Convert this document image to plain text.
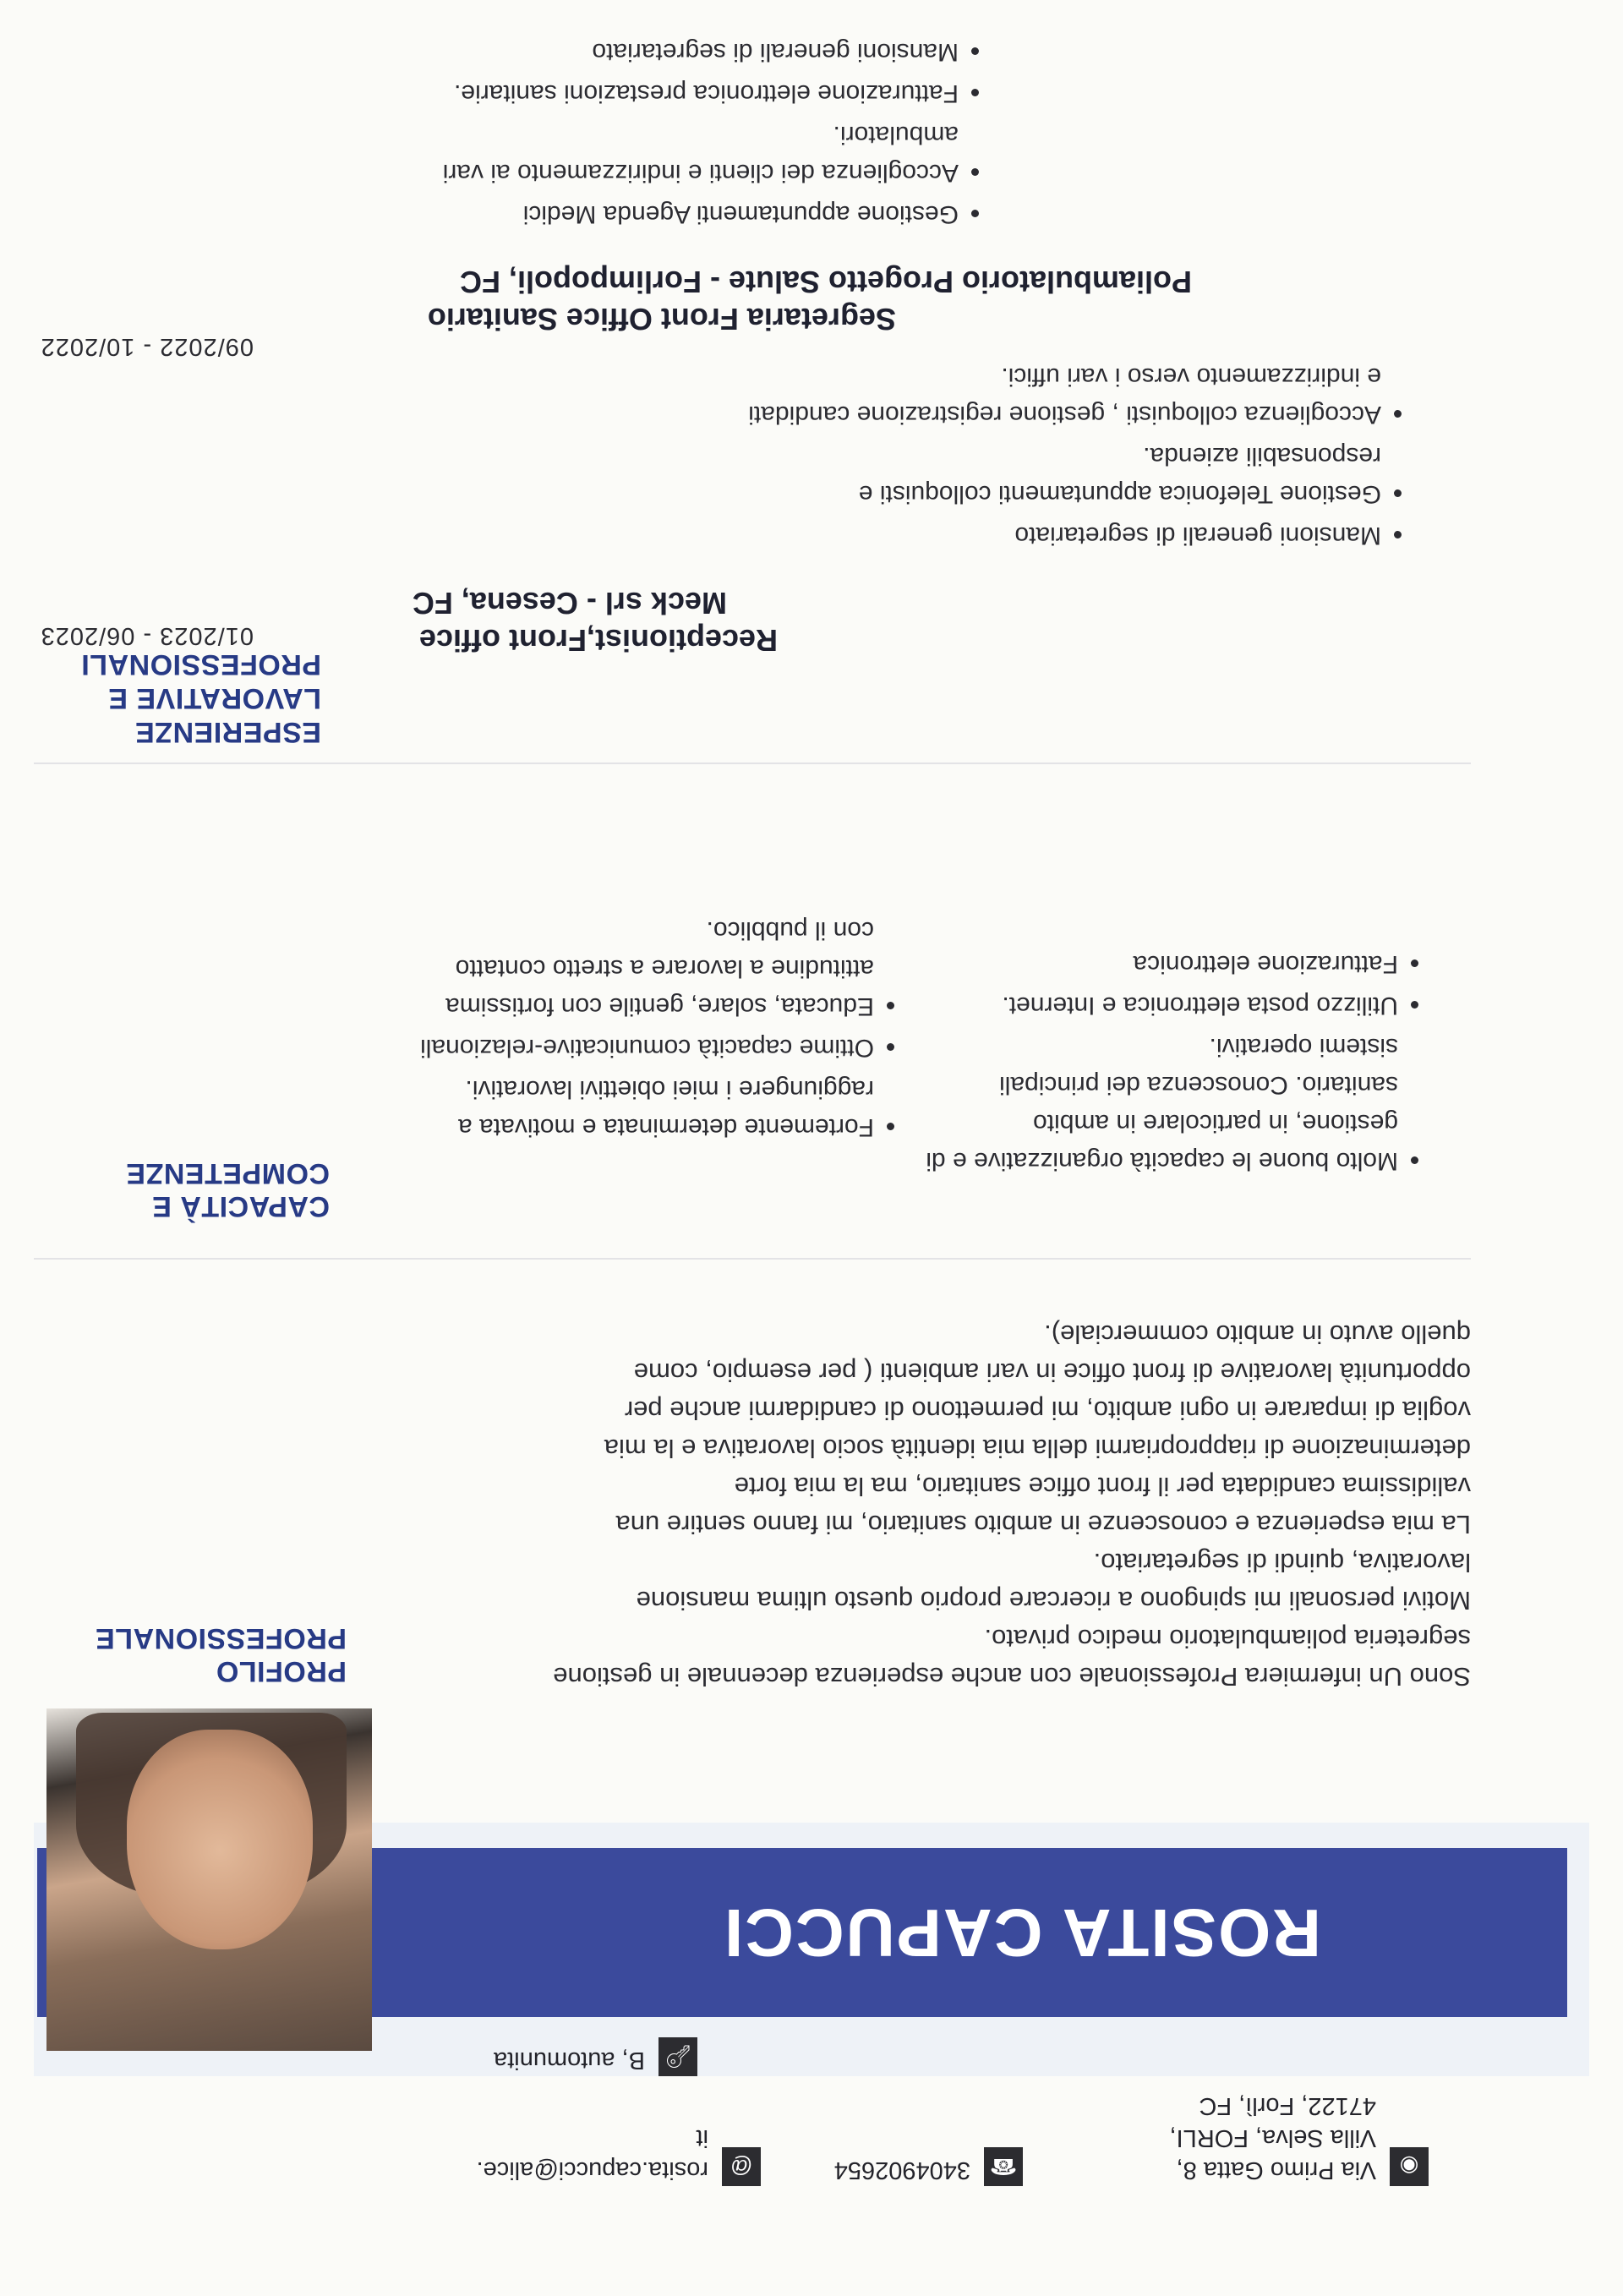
ESPERIENZE LAVORATIVE E
PROFESSIONALI
01/2023 - 06/2023	Receptionist,Front office
Meck srl - Cesena, FC
• Mansioni generali di segretariato
• Gestione Telefonica appuntamenti colloquisti e responsabili azienda.
• Accoglienza colloquisti , gestione registrazione candidati e indirizzamento verso i vari uffici.
09/2022 - 10/2022
Segretaria Front Office Sanitario
Poliambulatorio Progetto Salute - Forlimpopoli, FC
• Gestione appuntamenti Agenda Medici
• Accoglienza dei clienti e indirizzamento ai vari ambulatori.
• Fatturazione elettronica prestazioni sanitarie.
• Mansioni generali di segretariato
CAPACITÀ E COMPETENZE
• Fortemente determinata e motivata a raggiungere i miei obiettivi lavorativi.
• Ottime capacità comunicative-relazionali
• Educata, solare, gentile con fortissima attitudine a lavorare a stretto contatto con il pubblico.
• Molto buone le capacità organizzative e di gestione, in particolare in ambito sanitario. Conoscenza dei principali sistemi operativi.
• Utilizzo posta elettronica e Internet.
• Fatturazione elettronica
PROFILO PROFESSIONALE

Sono Un infermiera Professionale con anche esperienza decennale in gestione

segreteria poliambulatorio medico privato.

Motivi personali mi spingono a ricercare proprio questo ultima mansione

lavorativa, quindi di segretariato.

La mia esperienza e conoscenze in ambito sanitario, mi fanno sentire una

validissima candidata per il front office sanitario, ma la mia forte

determinazione di riappropriarmi della mia identità socio lavorativa e la mia

voglia di imparare in ogni ambito, mi permettono di candidarmi anche per

opportunità lavorative di front office in vari ambienti ( per esempio, come

quello avuto in ambito commerciale).

ROSITA CAPUCCI
🔑︎
B, automunita
@
rosita.capucci@alice.
it
☎︎
3404902654	◉
Via Primo Gatta 8,
Villa Selva, FORLI,
47122, Forlì, FC
